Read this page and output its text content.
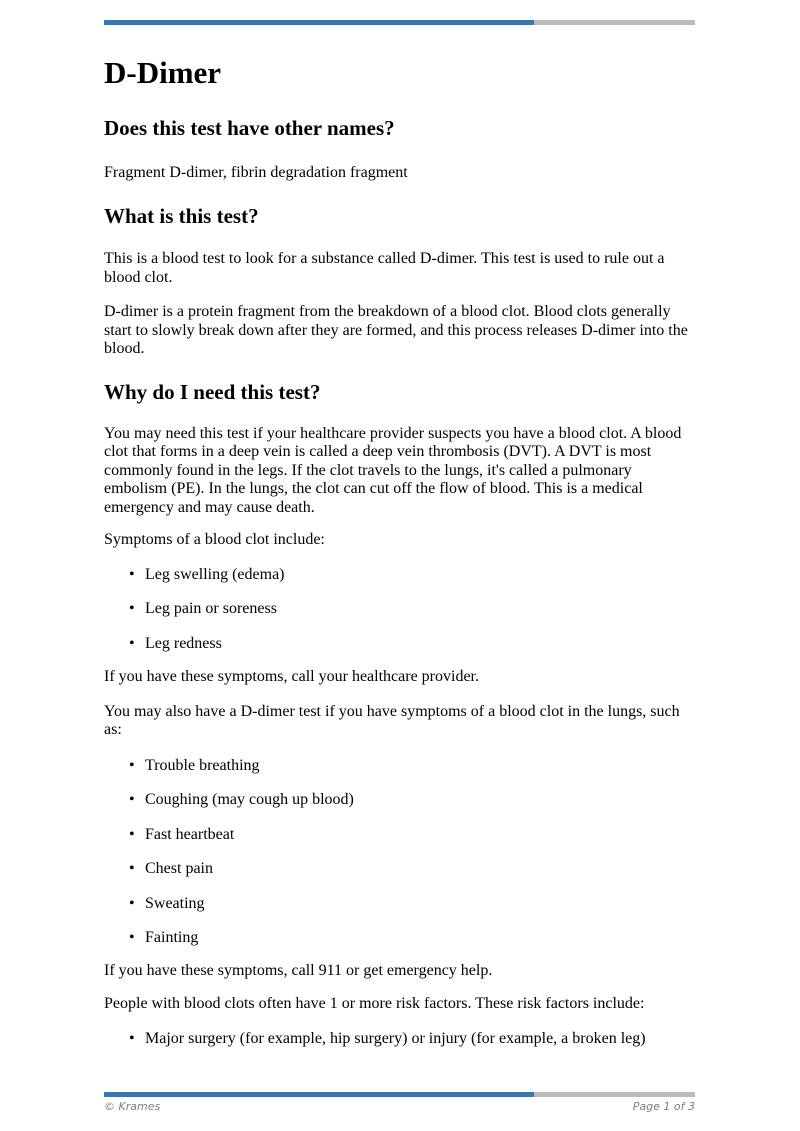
D-Dimer
Does this test have other names?

Fragment D-dimer, fibrin degradation fragment

What is this test?

This is a blood test to look for a substance called D-dimer. This test is used to rule out a blood clot.

D-dimer is a protein fragment from the breakdown of a blood clot. Blood clots generally start to slowly break down after they are formed, and this process releases D-dimer into the blood.

Why do I need this test?

You may need this test if your healthcare provider suspects you have a blood clot. A blood clot that forms in a deep vein is called a deep vein thrombosis (DVT). A DVT is most commonly found in the legs. If the clot travels to the lungs, it's called a pulmonary embolism (PE). In the lungs, the clot can cut off the flow of blood. This is a medical emergency and may cause death.

Symptoms of a blood clot include:

• Leg swelling (edema)
• Leg pain or soreness
• Leg redness

If you have these symptoms, call your healthcare provider.

You may also have a D-dimer test if you have symptoms of a blood clot in the lungs, such as:

• Trouble breathing
• Coughing (may cough up blood)
• Fast heartbeat
• Chest pain
• Sweating
• Fainting

If you have these symptoms, call 911 or get emergency help.

People with blood clots often have 1 or more risk factors. These risk factors include:

• Major surgery (for example, hip surgery) or injury (for example, a broken leg)
© Krames	Page 1 of 3
